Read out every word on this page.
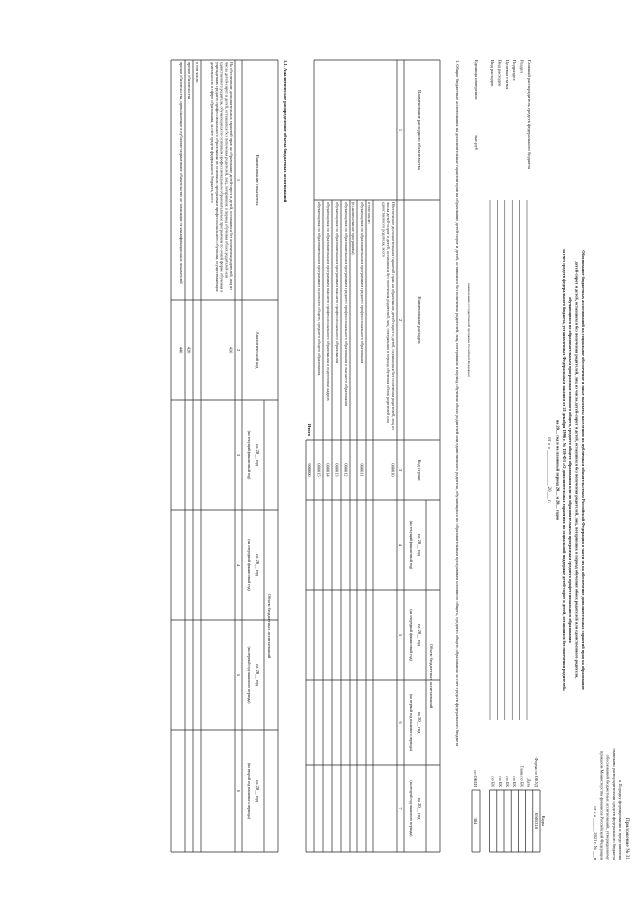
Приложение № 31
к Порядку формирования и представления
главными распорядителями средств федерального бюджета
обоснований бюджетных ассигнований, утвержденному
приказом Министерства финансов Российской Федерации
от « » ______ 2021 г. № ___н
Обоснование бюджетных ассигнований на социальное обеспечение и иные выплаты населению по публичным обязательствам Российской Федерации в части их на обеспечение дополнительных гарантий прав на образование
детей-сирот и детей, оставшихся без попечения родителей, лиц из числа детей-сирот и детей, оставшихся без попечения родителей, лиц, потерявших в период обучения обоих родителей или единственного родителя,
обучающихся по образовательным программам основного общего, среднего общего образования или по образовательным программам среднего профессионального образования
за счет средств федерального бюджета, установленных Федеральным законом от 21 декабря 1996 г. № 159-ФЗ «О дополнительных гарантиях по социальной поддержке детей-сирот и детей, оставшихся без попечения родителей»
на 20__ год и на плановый период 20__ и 20__ годов
от « » ______________ 20___ г.
Коды
Форма по ОКУД
0505318
Дата
Глава по БК
по БК
по БК
по БК
по БК
Главный распорядитель средств федерального бюджета
Раздел
Подраздел
Целевая статья
Вид расходов
Вид расходов
Единица измерения:
тыс.руб
(наименование государственной программы Российской Федерации)
по ОКЕИ
384
1. Общие бюджетные ассигнования на дополнительные гарантии прав на образование детей-сирот и детей, оставшихся без попечения родителей, лиц, потерявших в период обучения обоих родителей или единственного родителя, обучающихся по образовательным программам основного общего, среднего общего образования за счет средств федерального бюджета
Наименование расходного обязательства
Наименование расходов
Код строки
Объем бюджетных ассигнований
на 20__ год
(на текущий финансовый год)
на 20__ год
(на очередной финансовый год)
на 20__ год
(на первый год планового периода)
на 20__ год
(на второй год планового периода)
1
2
3
4
5
6
7
Обеспечение дополнительных гарантий прав на образование детей-сирот и детей, оставшихся без попечения родителей, лиц из
числа детей-сирот и детей, оставшихся без попечения родителей, лиц, потерявших в период обучения обоих родителей или
единственного родителя, всего
000010
в том числе:
обучающихся по образовательным программам среднего профессионального образования
000011
(в наименование программы)
обучающихся по образовательным программам среднего профессионального образования и высшего образования
000012
обучающихся по образовательным программам высшего профессионального образования
000013
обучающихся по образовательным программам высшего профессионального образования и подготовки кадров
000014
обучающихся по образовательным программам основного общего, среднего общего образования
000015
Итого
900000
1.1. Аналитическое распределение объема бюджетных ассигнований
Наименование показателя
Аналитический код
Объем бюджетных ассигнований
на 20__ год
(на текущий финансовый год)
на 20__ год
(на очередной финансовый год)
на 20__ год
(на первый год планового периода)
на 20__ год
(на второй год планового периода)
1
2
3
4
5
6
На обеспечение дополнительных гарантий прав на образование детей-сирот и детей, оставшихся без попечения родителей, лиц из
числа детей-сирот и детей, оставшихся без попечения родителей, лиц, потерявших в период обучения обоих родителей или
единственного родителя, обучающихся по основным профессиональным образовательным программам по очной форме обучения в
учреждениях среднего профессионального образования по основным программам профессионального обучения, осуществляющих
деятельность в сфере образования, за счет средств федерального бюджета, всего
410
в том числе:
прочие обязательства
420
прочие обязательства, превышающие в публично-нормативное обязательство не зависящие от квалификационных показателей
440
